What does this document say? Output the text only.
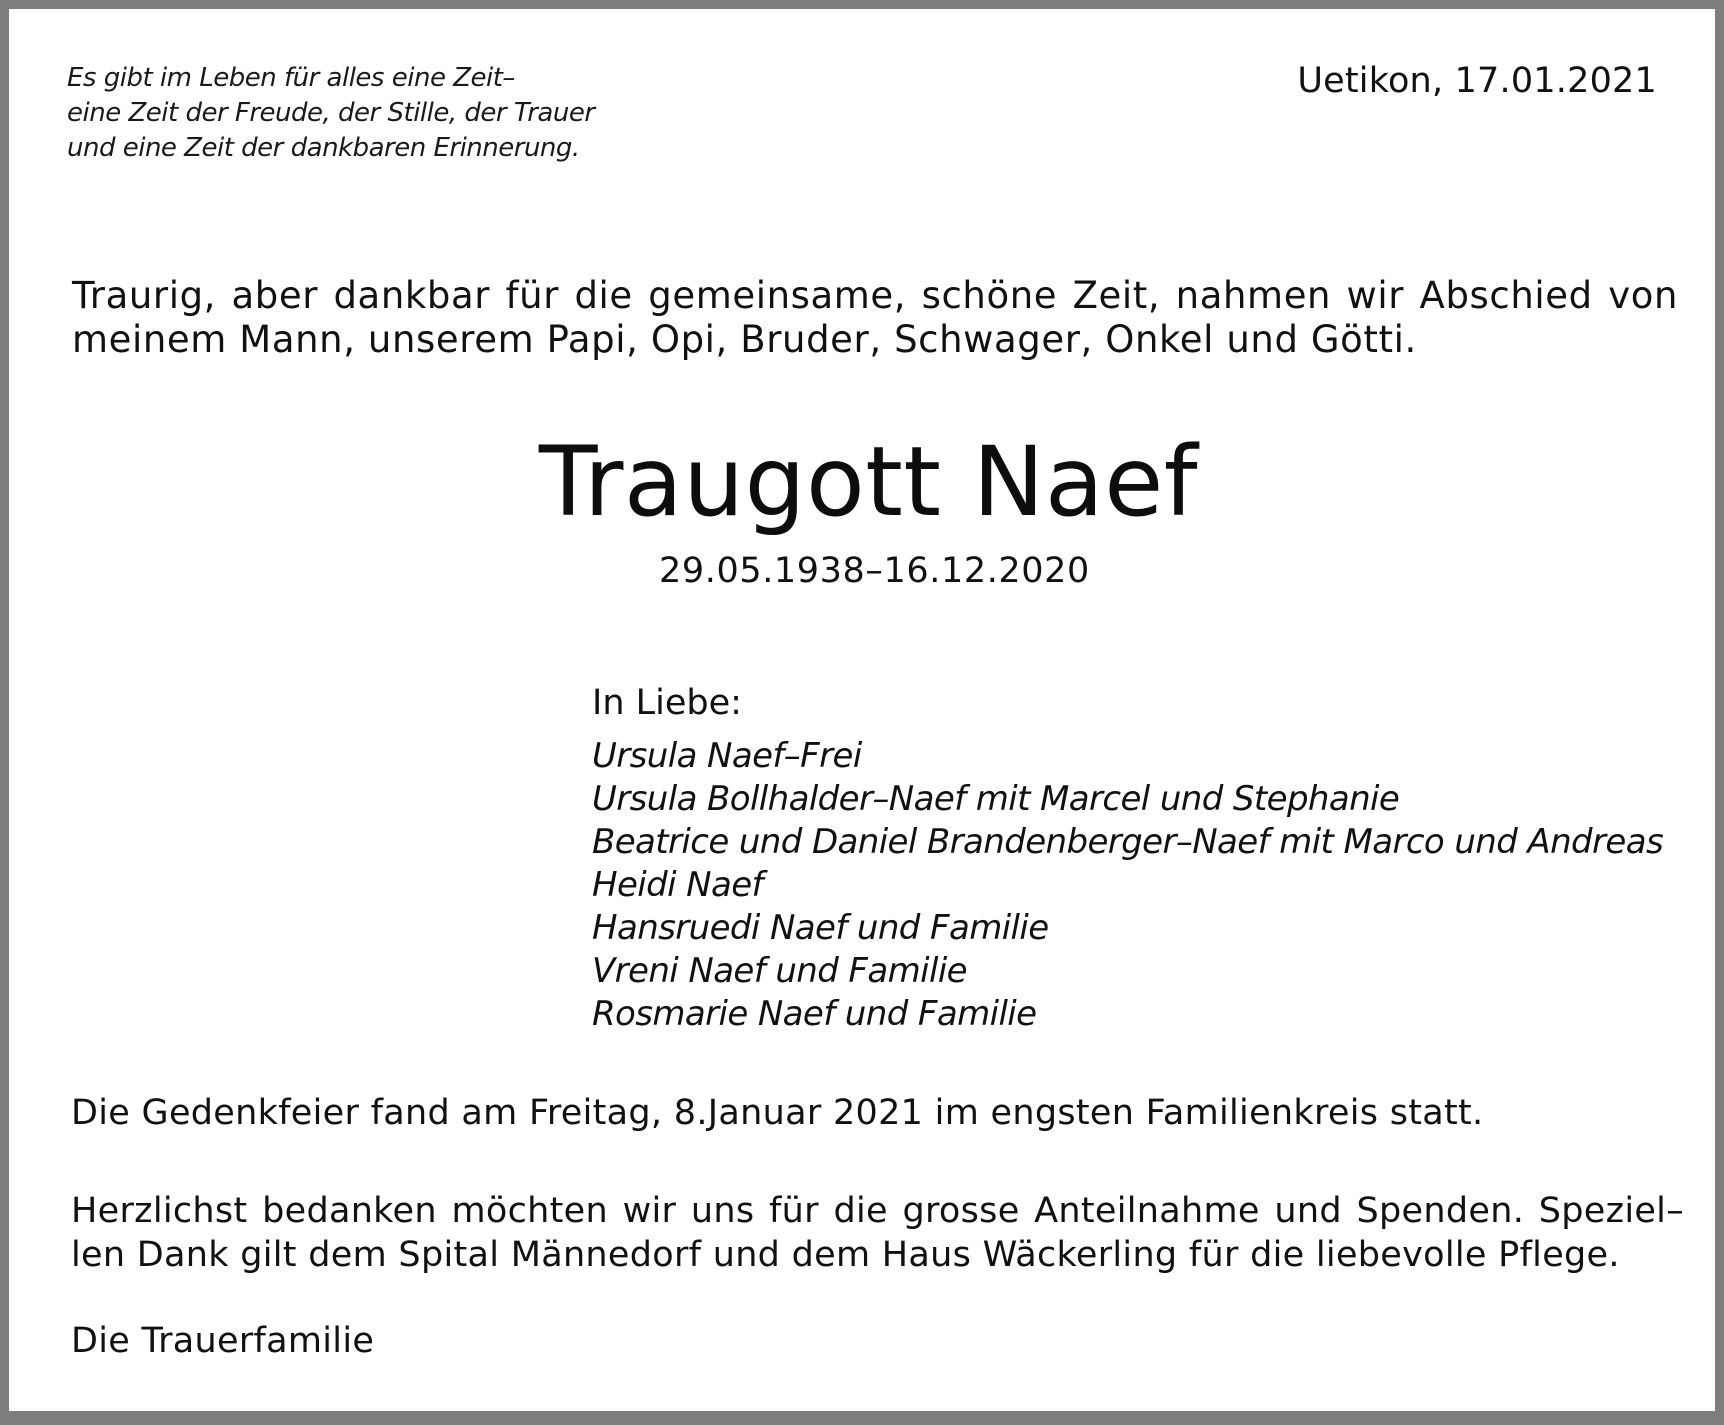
Es gibt im Leben für alles eine Zeit–
eine Zeit der Freude, der Stille, der Trauer
und eine Zeit der dankbaren Erinnerung.
Uetikon, 17.01.2021
Traurig, aber dankbar für die gemeinsame, schöne Zeit, nahmen wir Abschied von
meinem Mann, unserem Papi, Opi, Bruder, Schwager, Onkel und Götti.
Traugott Naef
29.05.1938–16.12.2020
In Liebe:
Ursula Naef–Frei
Ursula Bollhalder–Naef mit Marcel und Stephanie
Beatrice und Daniel Brandenberger–Naef mit Marco und Andreas
Heidi Naef
Hansruedi Naef und Familie
Vreni Naef und Familie
Rosmarie Naef und Familie
Die Gedenkfeier fand am Freitag, 8.Januar 2021 im engsten Familienkreis statt.
Herzlichst bedanken möchten wir uns für die grosse Anteilnahme und Spenden. Speziel–
len Dank gilt dem Spital Männedorf und dem Haus Wäckerling für die liebevolle Pflege.
Die Trauerfamilie
